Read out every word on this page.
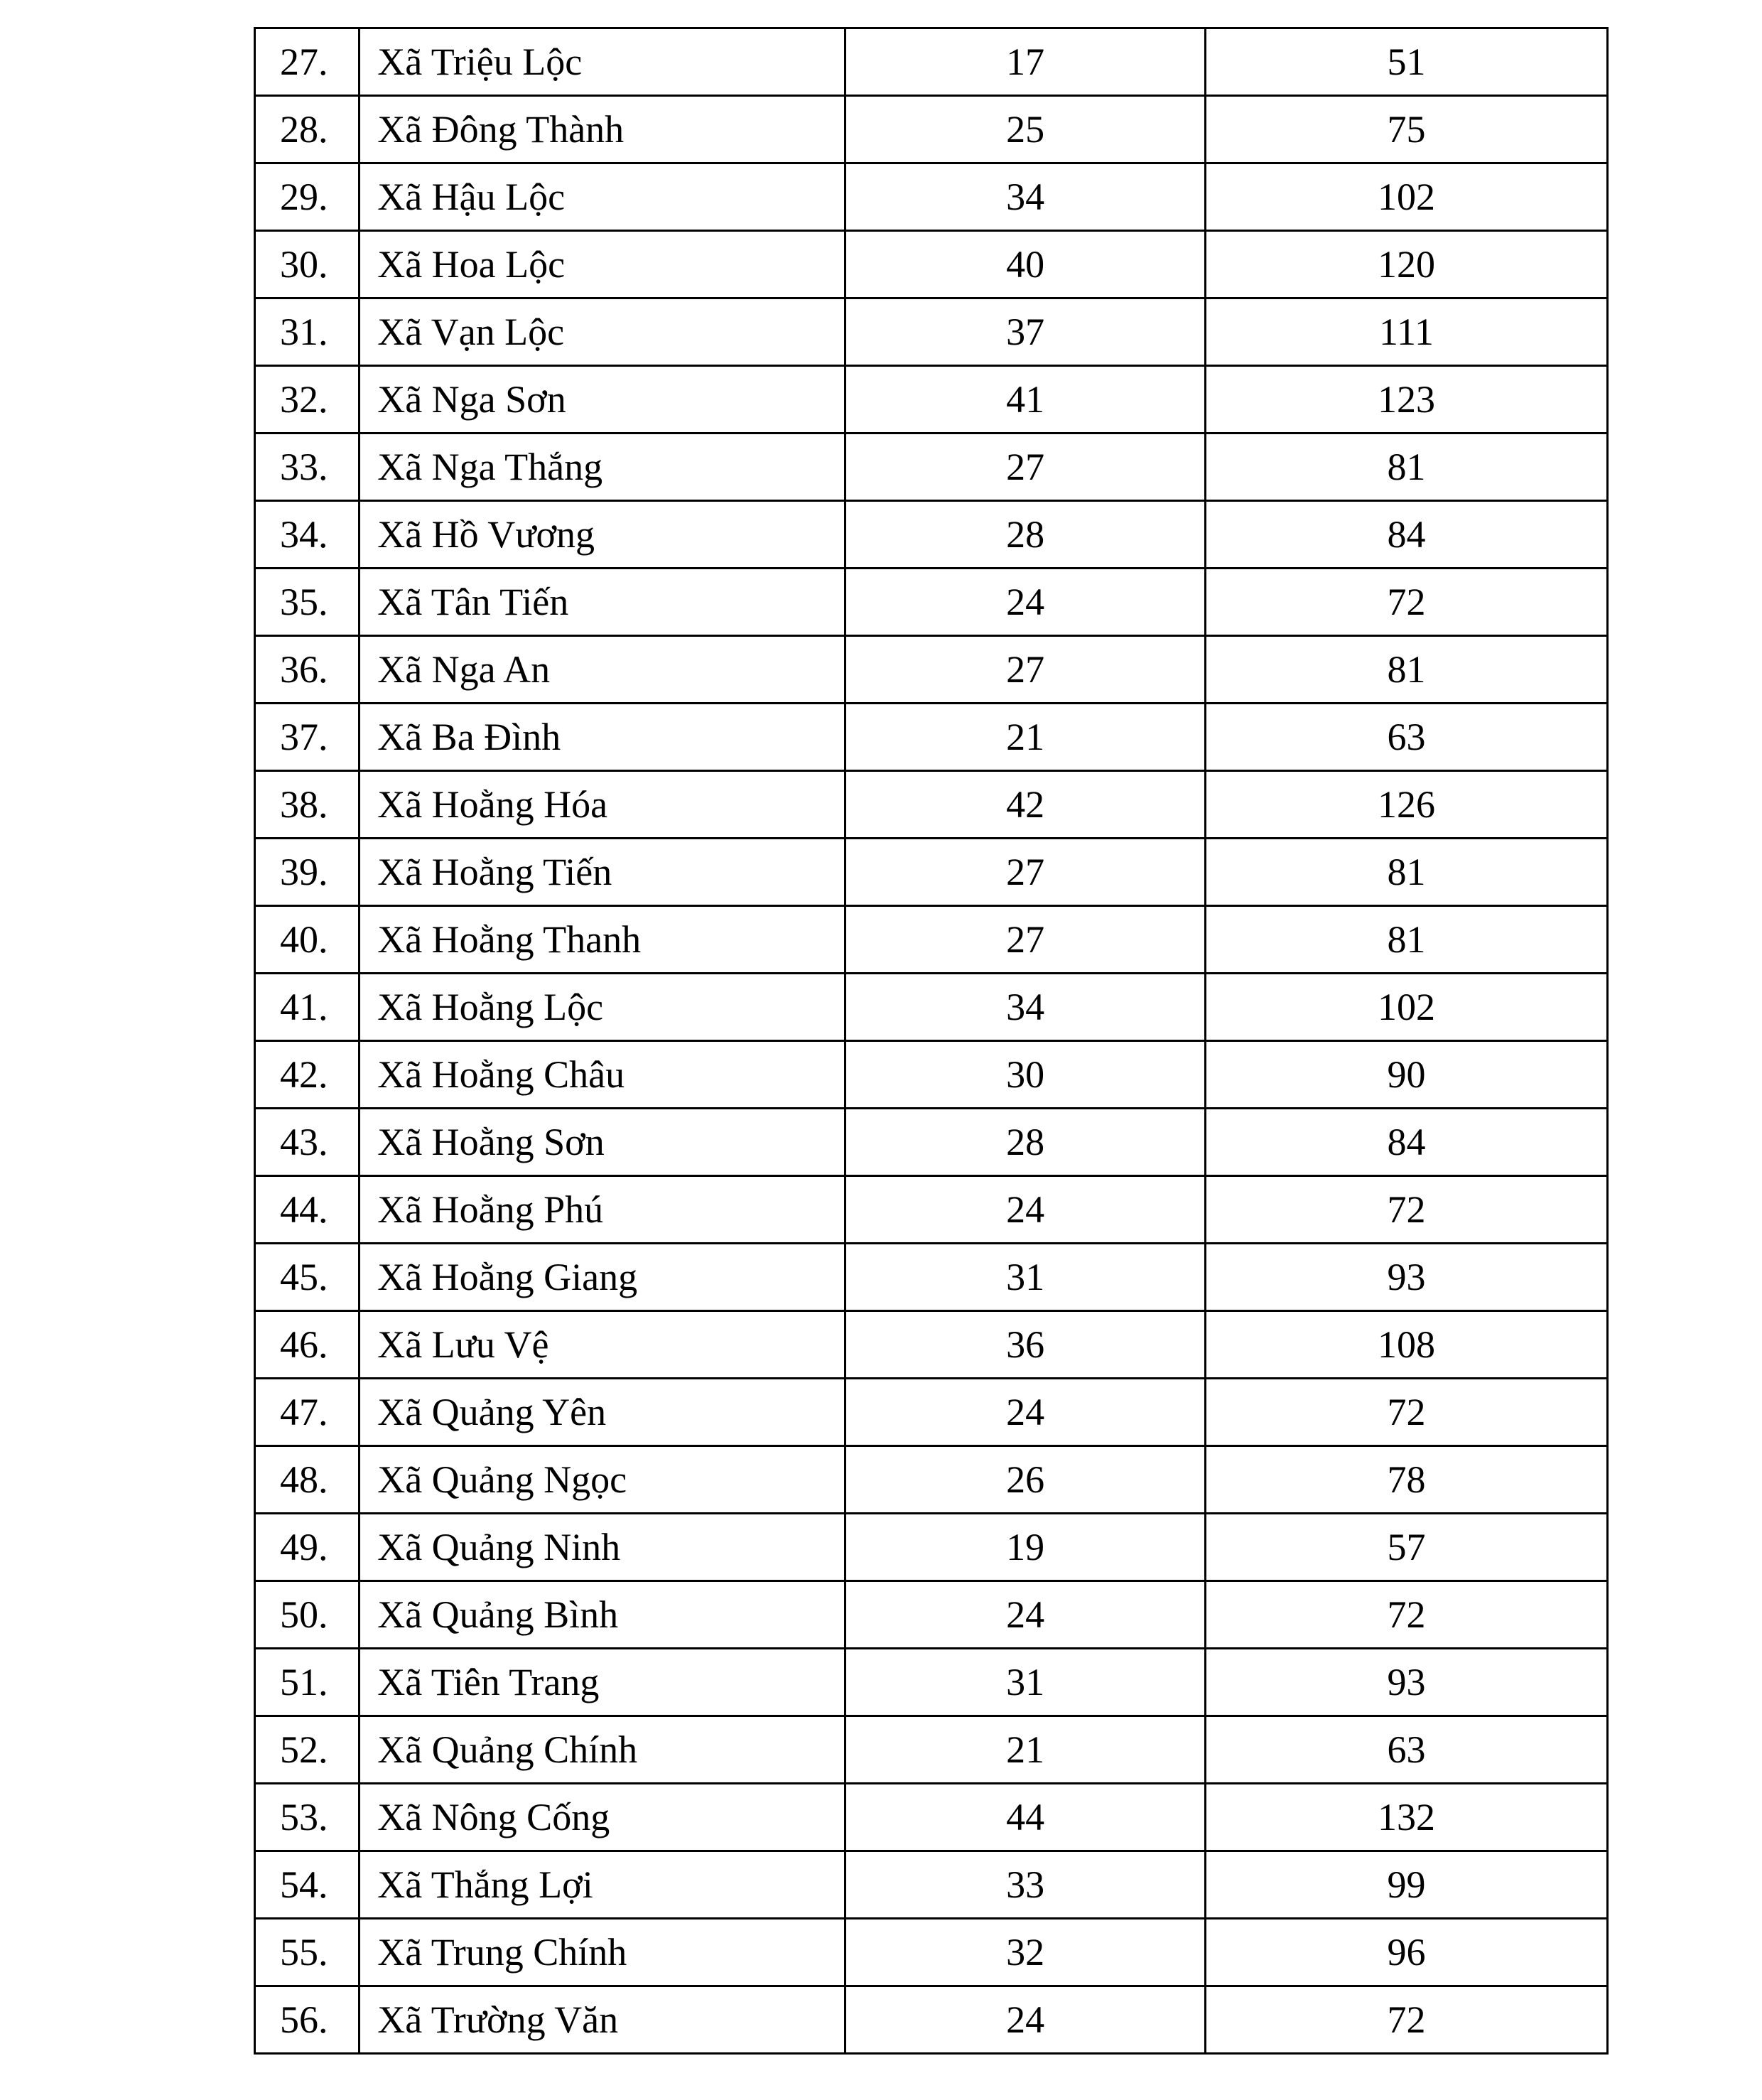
27.	Xã Triệu Lộc	17	51
28.	Xã Đông Thành	25	75
29.	Xã Hậu Lộc	34	102
30.	Xã Hoa Lộc	40	120
31.	Xã Vạn Lộc	37	111
32.	Xã Nga Sơn	41	123
33.	Xã Nga Thắng	27	81
34.	Xã Hồ Vương	28	84
35.	Xã Tân Tiến	24	72
36.	Xã Nga An	27	81
37.	Xã Ba Đình	21	63
38.	Xã Hoằng Hóa	42	126
39.	Xã Hoằng Tiến	27	81
40.	Xã Hoằng Thanh	27	81
41.	Xã Hoằng Lộc	34	102
42.	Xã Hoằng Châu	30	90
43.	Xã Hoằng Sơn	28	84
44.	Xã Hoằng Phú	24	72
45.	Xã Hoằng Giang	31	93
46.	Xã Lưu Vệ	36	108
47.	Xã Quảng Yên	24	72
48.	Xã Quảng Ngọc	26	78
49.	Xã Quảng Ninh	19	57
50.	Xã Quảng Bình	24	72
51.	Xã Tiên Trang	31	93
52.	Xã Quảng Chính	21	63
53.	Xã Nông Cống	44	132
54.	Xã Thắng Lợi	33	99
55.	Xã Trung Chính	32	96
56.	Xã Trường Văn	24	72
